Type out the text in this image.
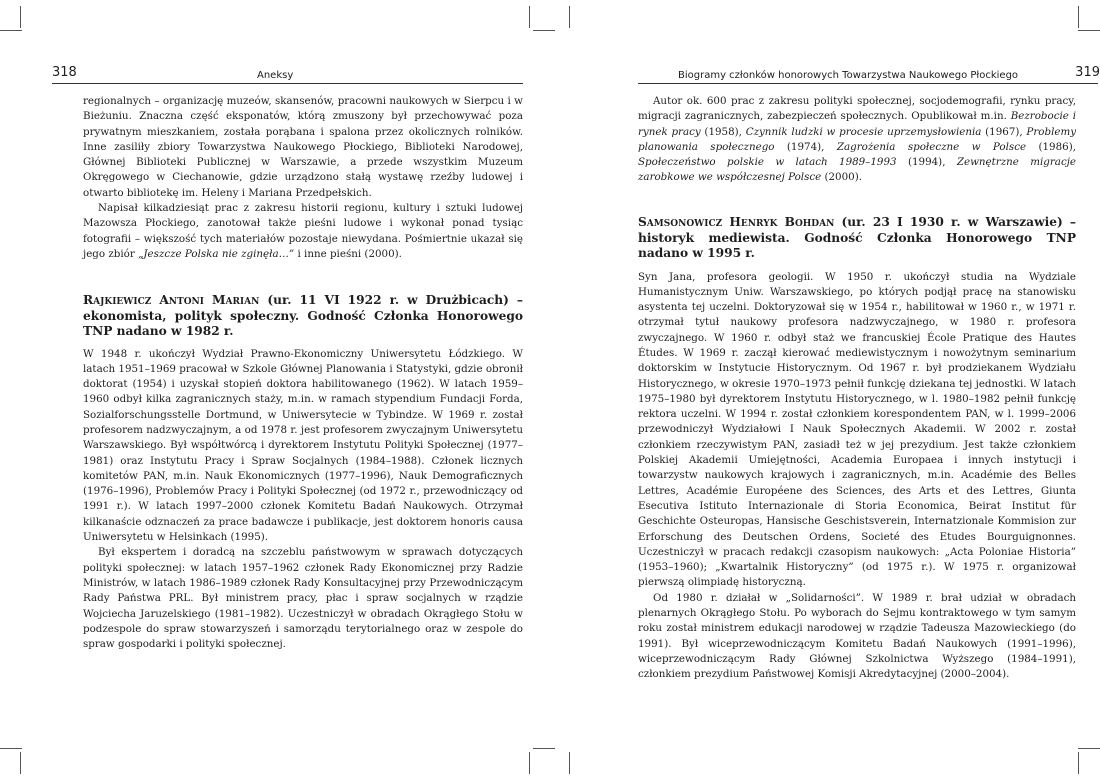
318	Aneksy

regionalnych – organizację muzeów, skansenów, pracowni naukowych w Sierpcu i w Bieżuniu. Znaczna część eksponatów, którą zmuszony był przechowywać poza prywatnym mieszkaniem, została porąbana i spalona przez okolicznych rolników. Inne zasiliły zbiory Towarzystwa Naukowego Płockiego, Biblioteki Narodowej, Głównej Biblioteki Publicznej w Warszawie, a przede wszystkim Muzeum Okręgowego w Ciechanowie, gdzie urządzono stałą wystawę rzeźby ludowej i otwarto bibliotekę im. Heleny i Mariana Przedpełskich.

Napisał kilkadziesiąt prac z zakresu historii regionu, kultury i sztuki ludowej Mazowsza Płockiego, zanotował także pieśni ludowe i wykonał ponad tysiąc fotografii – większość tych materiałów pozostaje niewydana. Pośmiertnie ukazał się jego zbiór „Jeszcze Polska nie zginęła…” i inne pieśni (2000).

Rajkiewicz Antoni Marian (ur. 11 VI 1922 r. w Drużbicach) – ekonomista, polityk społeczny. Godność Członka Honorowego TNP nadano w 1982 r.

W 1948 r. ukończył Wydział Prawno-Ekonomiczny Uniwersytetu Łódzkiego. W latach 1951–1969 pracował w Szkole Głównej Planowania i Statystyki, gdzie obronił doktorat (1954) i uzyskał stopień doktora habilitowanego (1962). W latach 1959–1960 odbył kilka zagranicznych staży, m.in. w ramach stypendium Fundacji Forda, Sozialforschungsstelle Dortmund, w Uniwersytecie w Tybindze. W 1969 r. został profesorem nadzwyczajnym, a od 1978 r. jest profesorem zwyczajnym Uniwersytetu Warszawskiego. Był współtwórcą i dyrektorem Instytutu Polityki Społecznej (1977–1981) oraz Instytutu Pracy i Spraw Socjalnych (1984–1988). Członek licznych komitetów PAN, m.in. Nauk Ekonomicznych (1977–1996), Nauk Demograficznych (1976–1996), Problemów Pracy i Polityki Społecznej (od 1972 r., przewodniczący od 1991 r.). W latach 1997–2000 członek Komitetu Badań Naukowych. Otrzymał kilkanaście odznaczeń za prace badawcze i publikacje, jest doktorem honoris causa Uniwersytetu w Helsinkach (1995).

Był ekspertem i doradcą na szczeblu państwowym w sprawach dotyczących polityki społecznej: w latach 1957–1962 członek Rady Ekonomicznej przy Radzie Ministrów, w latach 1986–1989 członek Rady Konsultacyjnej przy Przewodniczącym Rady Państwa PRL. Był ministrem pracy, płac i spraw socjalnych w rządzie Wojciecha Jaruzelskiego (1981–1982). Uczestniczył w obradach Okrągłego Stołu w podzespole do spraw stowarzyszeń i samorządu terytorialnego oraz w zespole do spraw gospodarki i polityki społecznej.

Biogramy członków honorowych Towarzystwa Naukowego Płockiego	319

Autor ok. 600 prac z zakresu polityki społecznej, socjodemografii, rynku pracy, migracji zagranicznych, zabezpieczeń społecznych. Opublikował m.in. Bezrobocie i rynek pracy (1958), Czynnik ludzki w procesie uprzemysłowienia (1967), Problemy planowania społecznego (1974), Zagrożenia społeczne w Polsce (1986), Społeczeństwo polskie w latach 1989–1993 (1994), Zewnętrzne migracje zarobkowe we współczesnej Polsce (2000).

Samsonowicz Henryk Bohdan (ur. 23 I 1930 r. w Warszawie) – historyk mediewista. Godność Członka Honorowego TNP nadano w 1995 r.

Syn Jana, profesora geologii. W 1950 r. ukończył studia na Wydziale Humanistycznym Uniw. Warszawskiego, po których podjął pracę na stanowisku asystenta tej uczelni. Doktoryzował się w 1954 r., habilitował w 1960 r., w 1971 r. otrzymał tytuł naukowy profesora nadzwyczajnego, w 1980 r. profesora zwyczajnego. W 1960 r. odbył staż we francuskiej École Pratique des Hautes Études. W 1969 r. zaczął kierować mediewistycznym i nowożytnym seminarium doktorskim w Instytucie Historycznym. Od 1967 r. był prodziekanem Wydziału Historycznego, w okresie 1970–1973 pełnił funkcję dziekana tej jednostki. W latach 1975–1980 był dyrektorem Instytutu Historycznego, w l. 1980–1982 pełnił funkcję rektora uczelni. W 1994 r. został członkiem korespondentem PAN, w l. 1999–2006 przewodniczył Wydziałowi I Nauk Społecznych Akademii. W 2002 r. został członkiem rzeczywistym PAN, zasiadł też w jej prezydium. Jest także członkiem Polskiej Akademii Umiejętności, Academia Europaea i innych instytucji i towarzystw naukowych krajowych i zagranicznych, m.in. Académie des Belles Lettres, Académie Européene des Sciences, des Arts et des Lettres, Giunta Esecutiva Istituto Internazionale di Storia Economica, Beirat Institut für Geschichte Osteuropas, Hansische Geschistsverein, Internatzionale Kommision zur Erforschung des Deutschen Ordens, Societé des Etudes Bourguignonnes. Uczestniczył w pracach redakcji czasopism naukowych: „Acta Poloniae Historia” (1953–1960); „Kwartalnik Historyczny” (od 1975 r.). W 1975 r. organizował pierwszą olimpiadę historyczną.

Od 1980 r. działał w „Solidarności”. W 1989 r. brał udział w obradach plenarnych Okrągłego Stołu. Po wyborach do Sejmu kontraktowego w tym samym roku został ministrem edukacji narodowej w rządzie Tadeusza Mazowieckiego (do 1991). Był wiceprzewodniczącym Komitetu Badań Naukowych (1991–1996), wiceprzewodniczącym Rady Głównej Szkolnictwa Wyższego (1984–1991), członkiem prezydium Państwowej Komisji Akredytacyjnej (2000–2004).
